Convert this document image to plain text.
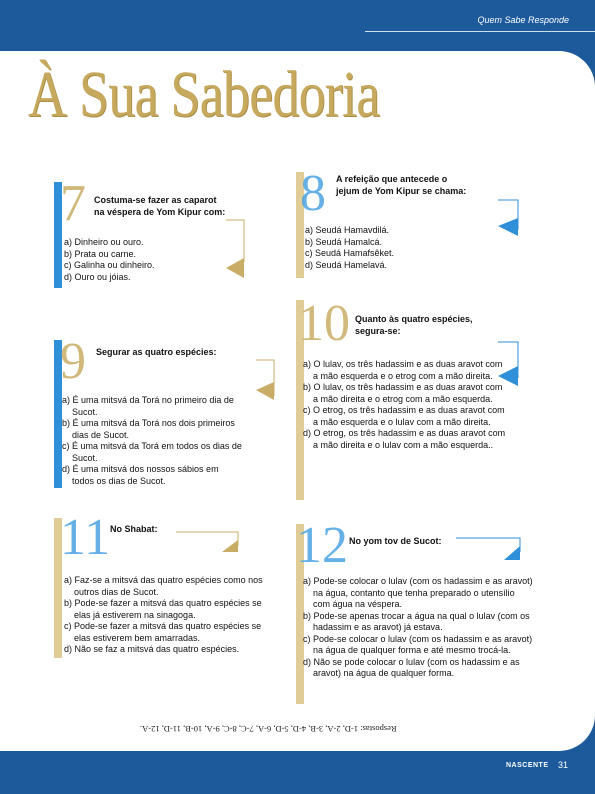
Quem Sabe Responde
À Sua Sabedoria
7 Costuma-se fazer as caparot
na véspera de Yom Kipur com:
a) Dinheiro ou ouro.
b) Prata ou carne.
c) Galinha ou dinheiro.
d) Ouro ou jóias.
8 A refeição que antecede o
jejum de Yom Kipur se chama:
a) Seudá Hamavdilá.
b) Seudá Hamalcá.
c) Seudá Hamafsêket.
d) Seudá Hamelavá.
9 Segurar as quatro espécies:
a) É uma mitsvá da Torá no primeiro dia de Sucot.
b) É uma mitsvá da Torá nos dois primeiros dias de Sucot.
c) É uma mitsvá da Torá em todos os dias de Sucot.
d) É uma mitsvá dos nossos sábios em todos os dias de Sucot.
10 Quanto às quatro espécies,
segura-se:
a) O lulav, os três hadassim e as duas aravot com a mão esquerda e o etrog com a mão direita.
b) O lulav, os três hadassim e as duas aravot com a mão direita e o etrog com a mão esquerda.
c) O etrog, os três hadassim e as duas aravot com a mão esquerda e o lulav com a mão direita.
d) O etrog, os três hadassim e as duas aravot com a mão direita e o lulav com a mão esquerda..
11 No Shabat:
a) Faz-se a mitsvá das quatro espécies como nos outros dias de Sucot.
b) Pode-se fazer a mitsvá das quatro espécies se elas já estiverem na sinagoga.
c) Pode-se fazer a mitsvá das quatro espécies se elas estiverem bem amarradas.
d) Não se faz a mitsvá das quatro espécies.
12 No yom tov de Sucot:
a) Pode-se colocar o lulav (com os hadassim e as aravot) na água, contanto que tenha preparado o utensílio com água na véspera.
b) Pode-se apenas trocar a água na qual o lulav (com os hadassim e as aravot) já estava.
c) Pode-se colocar o lulav (com os hadassim e as aravot) na água de qualquer forma e até mesmo trocá-la.
d) Não se pode colocar o lulav (com os hadassim e as aravot) na água de qualquer forma.
Respostas: 1-D, 2-A, 3-B, 4-D, 5-D, 6-A, 7-C, 8-C, 9-A, 10-B, 11-D, 12-A.
NASCENTE 31
